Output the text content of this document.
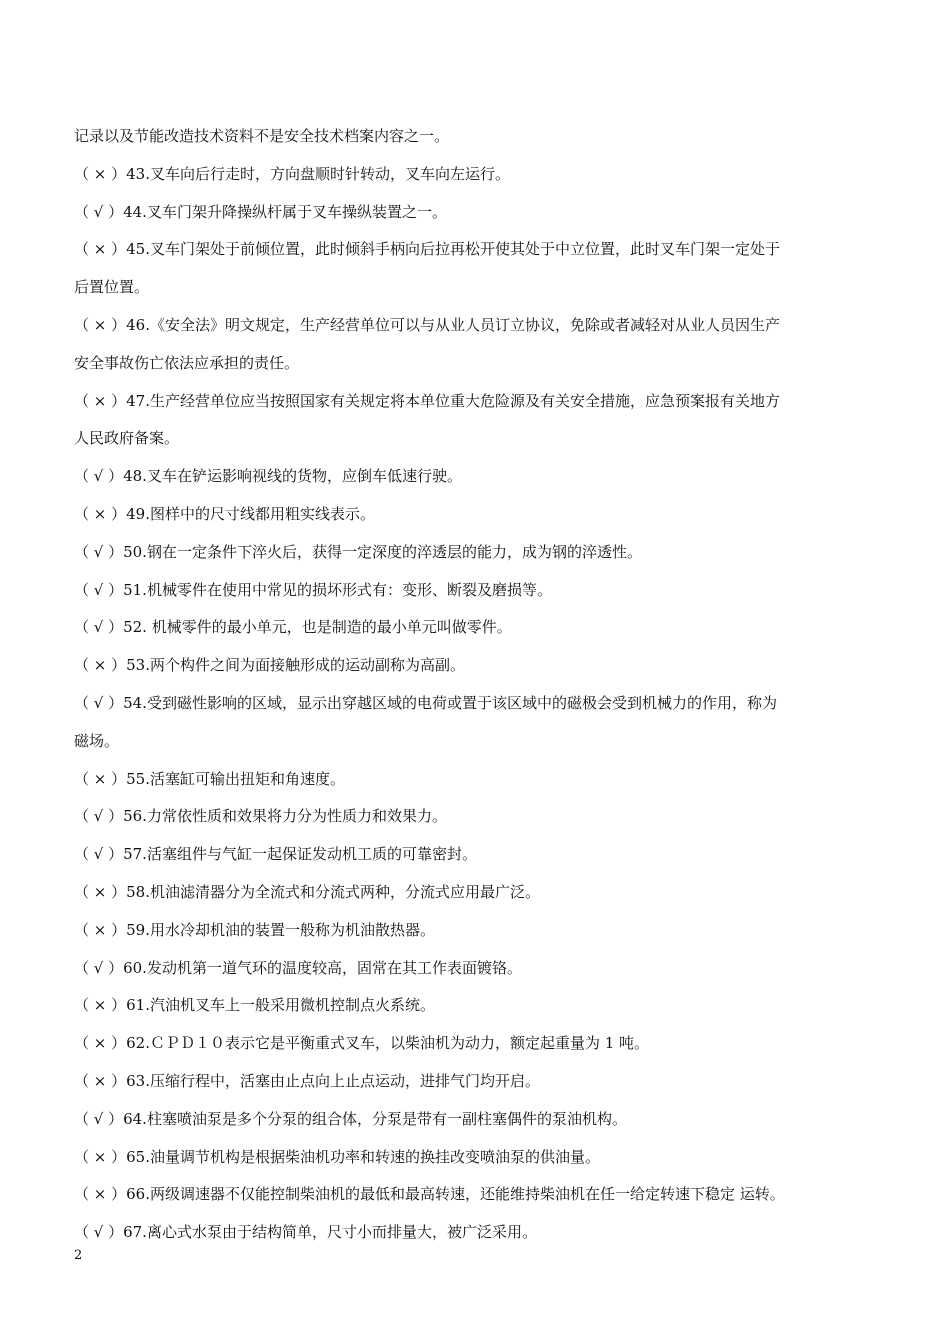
记录以及节能改造技术资料不是安全技术档案内容之一。
（ × ）43.叉车向后行走时，方向盘顺时针转动，叉车向左运行。
（ √ ）44.叉车门架升降操纵杆属于叉车操纵装置之一。
（ × ）45.叉车门架处于前倾位置，此时倾斜手柄向后拉再松开使其处于中立位置，此时叉车门架一定处于
后置位置。
（ × ）46.《安全法》明文规定，生产经营单位可以与从业人员订立协议，免除或者减轻对从业人员因生产
安全事故伤亡依法应承担的责任。
（ × ）47.生产经营单位应当按照国家有关规定将本单位重大危险源及有关安全措施，应急预案报有关地方
人民政府备案。
（ √ ）48.叉车在铲运影响视线的货物，应倒车低速行驶。
（ × ）49.图样中的尺寸线都用粗实线表示。
（ √ ）50.钢在一定条件下淬火后，获得一定深度的淬透层的能力，成为钢的淬透性。
（ √ ）51.机械零件在使用中常见的损坏形式有：变形、断裂及磨损等。
（ √ ）52. 机械零件的最小单元，也是制造的最小单元叫做零件。
（ × ）53.两个构件之间为面接触形成的运动副称为高副。
（ √ ）54.受到磁性影响的区域，显示出穿越区域的电荷或置于该区域中的磁极会受到机械力的作用，称为
磁场。
（ × ）55.活塞缸可输出扭矩和角速度。
（ √ ）56.力常依性质和效果将力分为性质力和效果力。
（ √ ）57.活塞组件与气缸一起保证发动机工质的可靠密封。
（ × ）58.机油滤清器分为全流式和分流式两种，分流式应用最广泛。
（ × ）59.用水冷却机油的装置一般称为机油散热器。
（ √ ）60.发动机第一道气环的温度较高，固常在其工作表面镀铬。
（ × ）61.汽油机叉车上一般采用微机控制点火系统。
（ × ）62.ＣＰＤ１０表示它是平衡重式叉车，以柴油机为动力，额定起重量为 1 吨。
（ × ）63.压缩行程中，活塞由止点向上止点运动，进排气门均开启。
（ √ ）64.柱塞喷油泵是多个分泵的组合体，分泵是带有一副柱塞偶件的泵油机构。
（ × ）65.油量调节机构是根据柴油机功率和转速的换挂改变喷油泵的供油量。
（ × ）66.两级调速器不仅能控制柴油机的最低和最高转速，还能维持柴油机在任一给定转速下稳定 运转。
（ √ ）67.离心式水泵由于结构简单，尺寸小而排量大，被广泛采用。
2
